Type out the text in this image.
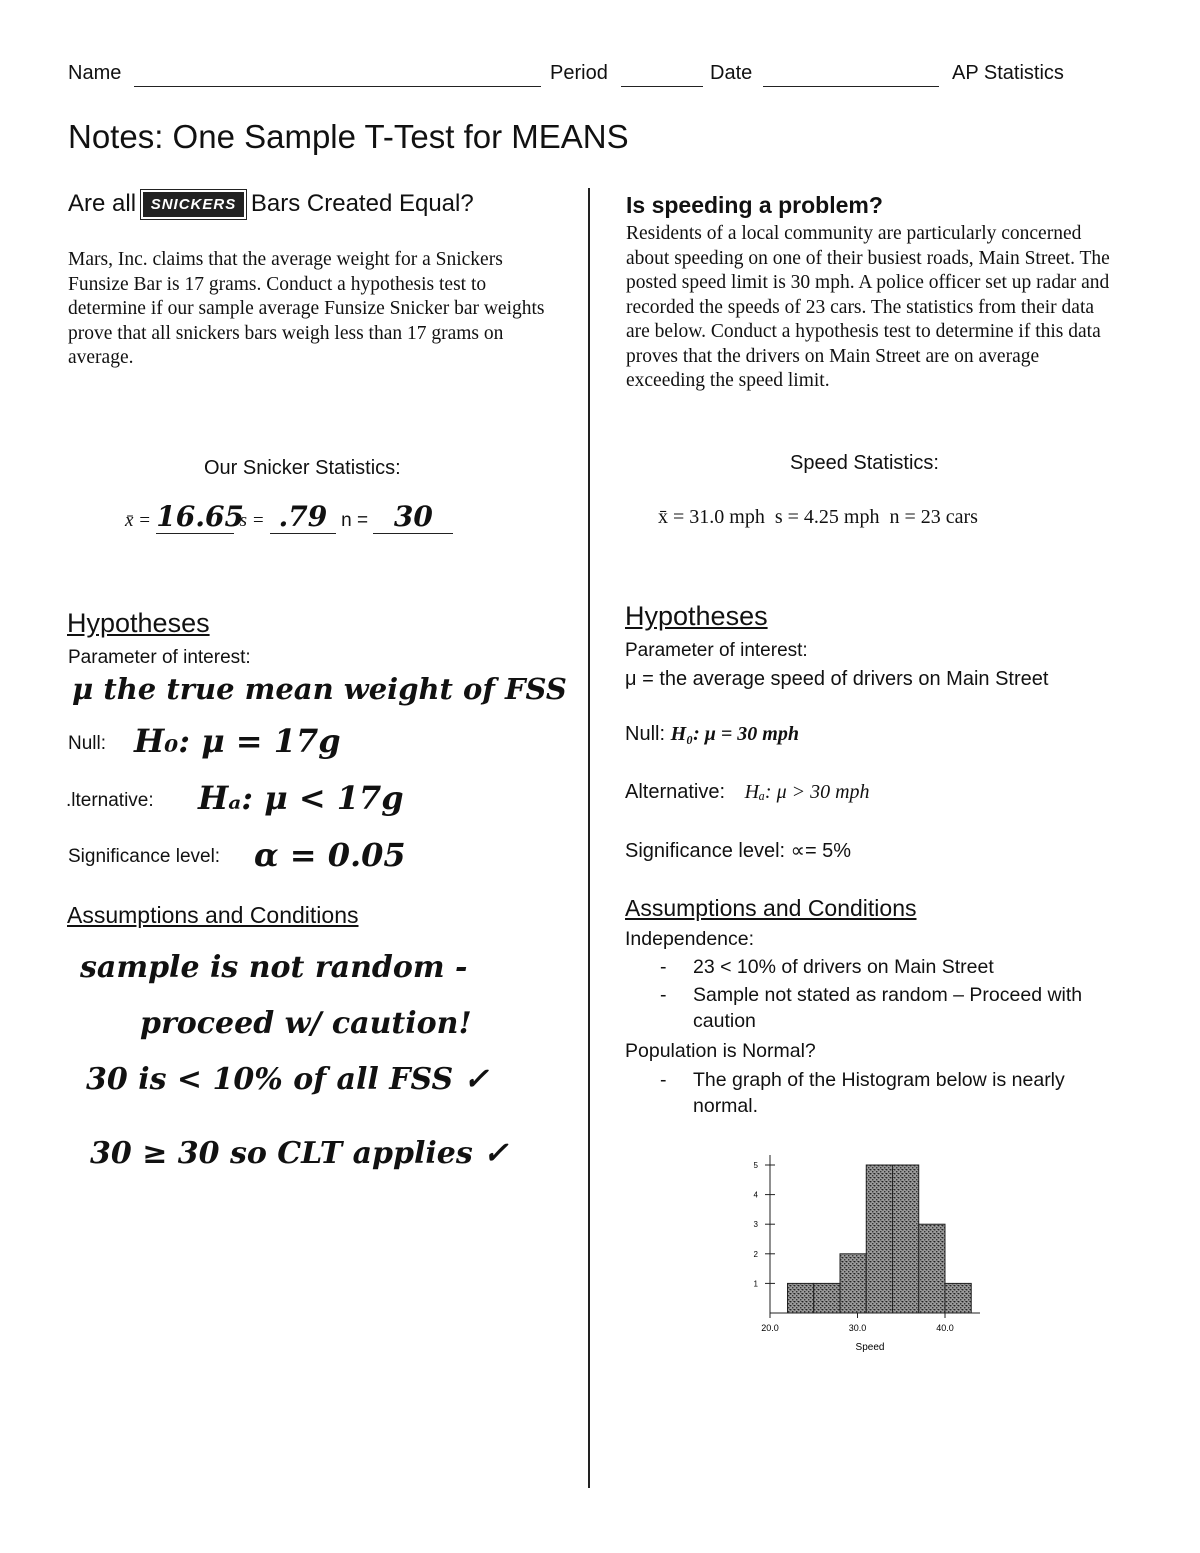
Name	Period	Date	AP Statistics
Notes: One Sample T-Test for MEANS
Are all SNICKERS Bars Created Equal?
Mars, Inc. claims that the average weight for a Snickers Funsize Bar is 17 grams. Conduct a hypothesis test to determine if our sample average Funsize Snicker bar weights prove that all snickers bars weigh less than 17 grams on average.
Our Snicker Statistics:
x̄ = 16.65 s = .79 n = 30
Hypotheses
Parameter of interest:
μ the true mean weight of FSS
Null: H₀: μ = 17g
.lternative: Hₐ: μ < 17g
Significance level: α = 0.05
Assumptions and Conditions
sample is not random -
proceed w/ caution!
30 is < 10% of all FSS ✓
30 ≥ 30 so CLT applies ✓
Is speeding a problem?
Residents of a local community are particularly concerned about speeding on one of their busiest roads, Main Street. The posted speed limit is 30 mph. A police officer set up radar and recorded the speeds of 23 cars. The statistics from their data are below. Conduct a hypothesis test to determine if this data proves that the drivers on Main Street are on average exceeding the speed limit.
Speed Statistics:
x̄ = 31.0 mph  s = 4.25 mph  n = 23 cars
Hypotheses
Parameter of interest:
μ = the average speed of drivers on Main Street
Null: H₀: μ = 30 mph
Alternative: Hₐ: μ > 30 mph
Significance level: ∝= 5%
Assumptions and Conditions
Independence:
- 23 < 10% of drivers on Main Street
- Sample not stated as random – Proceed with caution
Population is Normal?
- The graph of the Histogram below is nearly normal.
1
2
3
4
5
20.0	30.0	40.0
Speed
